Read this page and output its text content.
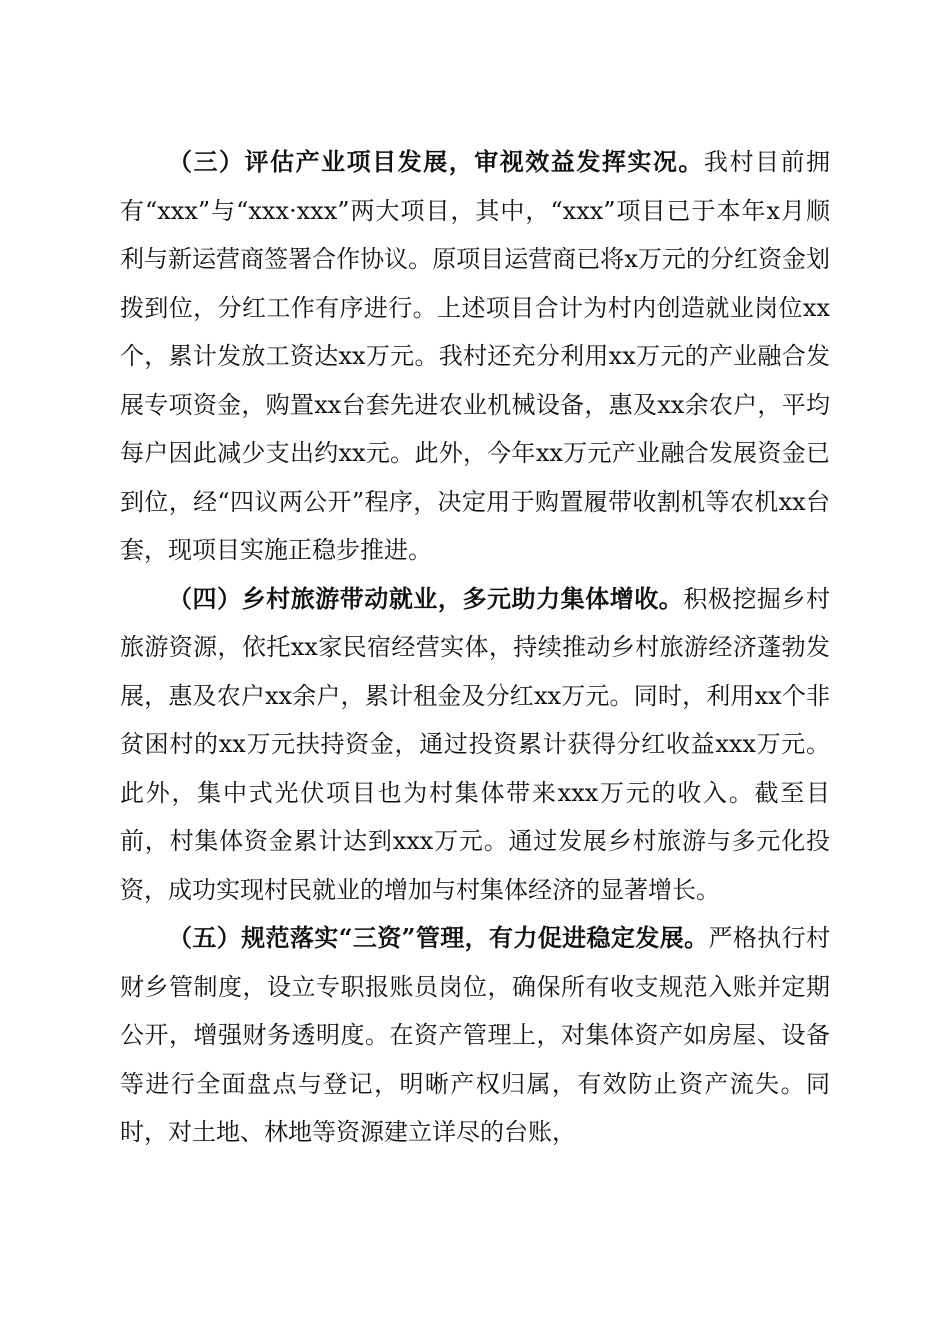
（三）评估产业项目发展，审视效益发挥实况。我村目前拥有“xxx”与“xxx·xxx”两大项目，其中，“xxx”项目已于本年x月顺利与新运营商签署合作协议。原项目运营商已将x万元的分红资金划拨到位，分红工作有序进行。上述项目合计为村内创造就业岗位xx个，累计发放工资达xx万元。我村还充分利用xx万元的产业融合发展专项资金，购置xx台套先进农业机械设备，惠及xx余农户，平均每户因此减少支出约xx元。此外，今年xx万元产业融合发展资金已到位，经“四议两公开”程序，决定用于购置履带收割机等农机xx台套，现项目实施正稳步推进。

（四）乡村旅游带动就业，多元助力集体增收。积极挖掘乡村旅游资源，依托xx家民宿经营实体，持续推动乡村旅游经济蓬勃发展，惠及农户xx余户，累计租金及分红xx万元。同时，利用xx个非贫困村的xx万元扶持资金，通过投资累计获得分红收益xxx万元。此外，集中式光伏项目也为村集体带来xxx万元的收入。截至目前，村集体资金累计达到xxx万元。通过发展乡村旅游与多元化投资，成功实现村民就业的增加与村集体经济的显著增长。

（五）规范落实“三资”管理，有力促进稳定发展。严格执行村财乡管制度，设立专职报账员岗位，确保所有收支规范入账并定期公开，增强财务透明度。在资产管理上，对集体资产如房屋、设备等进行全面盘点与登记，明晰产权归属，有效防止资产流失。同时，对土地、林地等资源建立详尽的台账，
